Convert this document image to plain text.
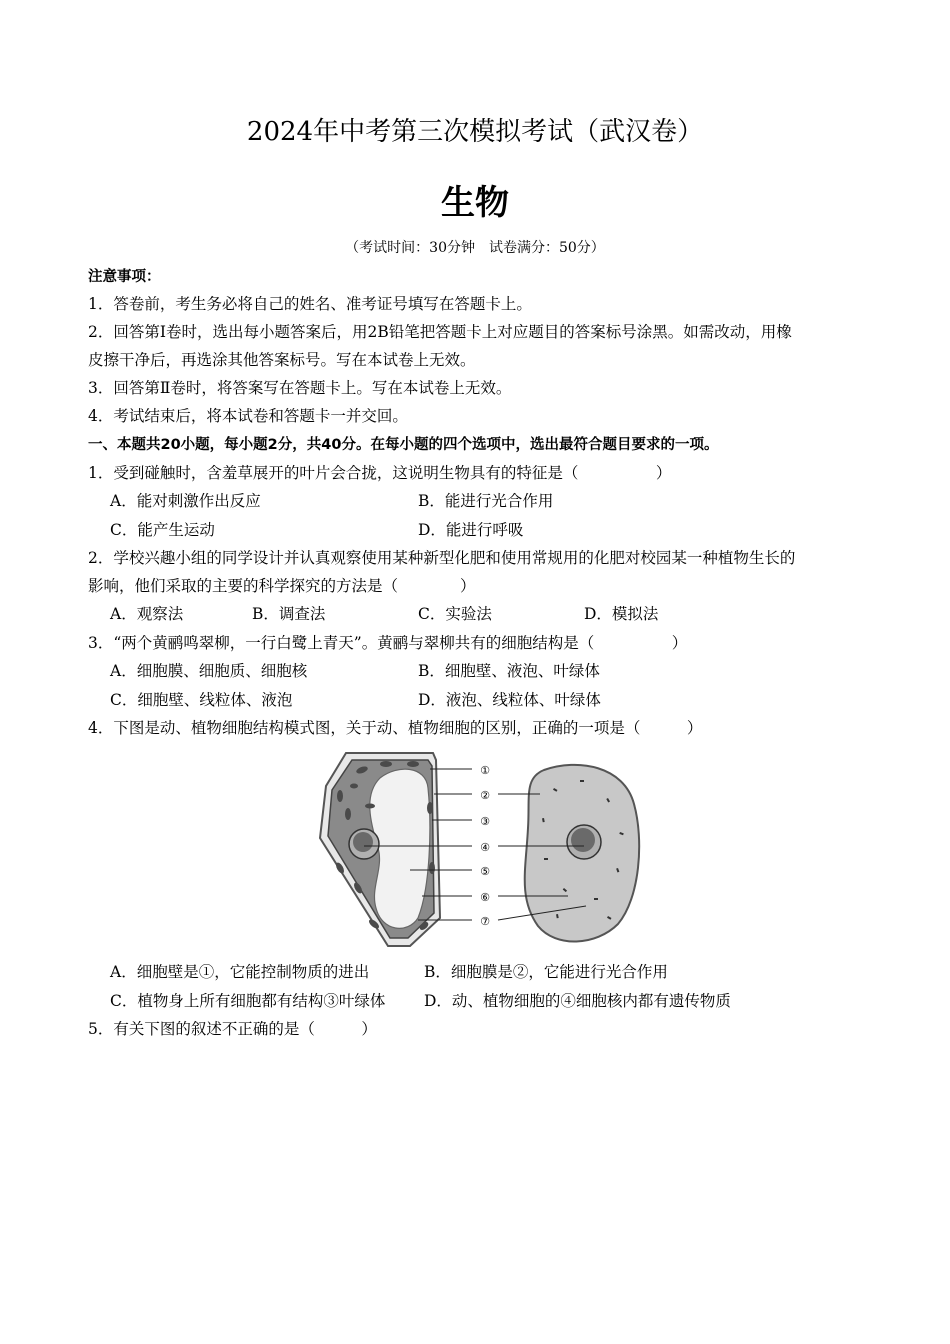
2024年中考第三次模拟考试（武汉卷）
生物
（考试时间：30分钟　试卷满分：50分）
注意事项：
1．答卷前，考生务必将自己的姓名、准考证号填写在答题卡上。
2．回答第Ⅰ卷时，选出每小题答案后，用2B铅笔把答题卡上对应题目的答案标号涂黑。如需改动，用橡
皮擦干净后，再选涂其他答案标号。写在本试卷上无效。
3．回答第Ⅱ卷时，将答案写在答题卡上。写在本试卷上无效。
4．考试结束后，将本试卷和答题卡一并交回。
一、本题共20小题，每小题2分，共40分。在每小题的四个选项中，选出最符合题目要求的一项。
1．受到碰触时，含羞草展开的叶片会合拢，这说明生物具有的特征是（　　　　　）
A．能对刺激作出反应	B．能进行光合作用
C．能产生运动	D．能进行呼吸
2．学校兴趣小组的同学设计并认真观察使用某种新型化肥和使用常规用的化肥对校园某一种植物生长的
影响，他们采取的主要的科学探究的方法是（　　　　）
A．观察法	B．调查法	C．实验法	D．模拟法
3．“两个黄鹂鸣翠柳，一行白鹭上青天”。黄鹂与翠柳共有的细胞结构是（　　　　　）
A．细胞膜、细胞质、细胞核	B．细胞壁、液泡、叶绿体
C．细胞壁、线粒体、液泡	D．液泡、线粒体、叶绿体
4．下图是动、植物细胞结构模式图，关于动、植物细胞的区别，正确的一项是（　　　）
①
②
③
④
⑤
⑥
⑦
A．细胞壁是①，它能控制物质的进出	B．细胞膜是②，它能进行光合作用
C．植物身上所有细胞都有结构③叶绿体 D．动、植物细胞的④细胞核内都有遗传物质
5．有关下图的叙述不正确的是（　　　）
